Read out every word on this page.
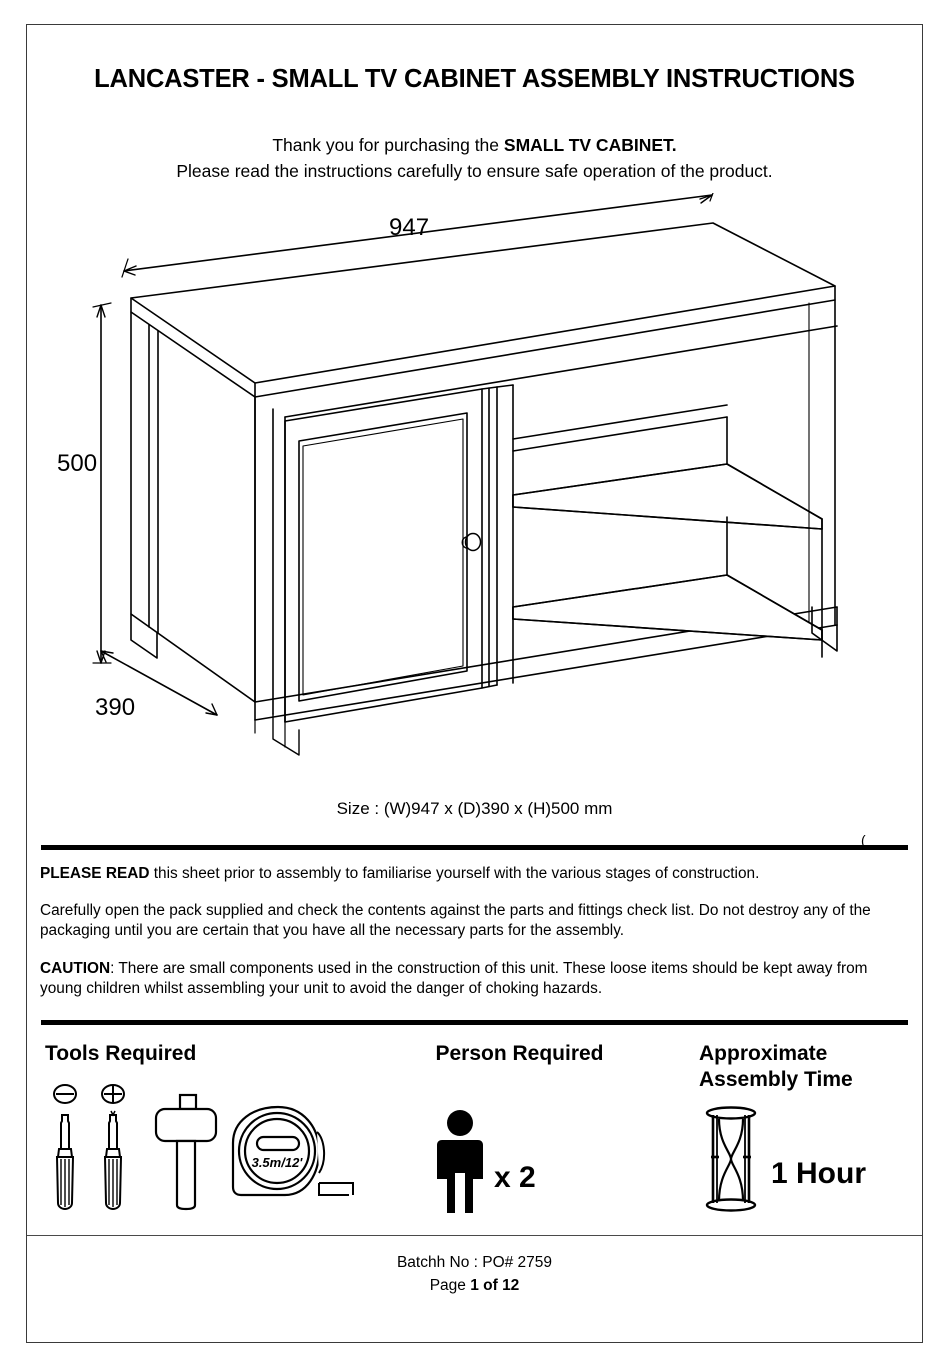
LANCASTER - SMALL TV CABINET ASSEMBLY INSTRUCTIONS
Thank you for purchasing the SMALL TV CABINET.
Please read the instructions carefully to ensure safe operation of the product.
947
500
390
Size : (W)947 x (D)390 x (H)500 mm
(

PLEASE READ this sheet prior to assembly to familiarise yourself with the various stages of construction.

Carefully open the pack supplied and check the contents against the parts and fittings check list. Do not destroy any of the packaging until you are certain that you have all the necessary parts for the assembly.

CAUTION: There are small components used in the construction of this unit. These loose items should be kept away from young children whilst assembling your unit to avoid the danger of choking hazards.

Tools Required
3.5m/12'
Person Required
x 2
Approximate
Assembly Time
1 Hour
Batchh No : PO# 2759
Page 1 of 12
